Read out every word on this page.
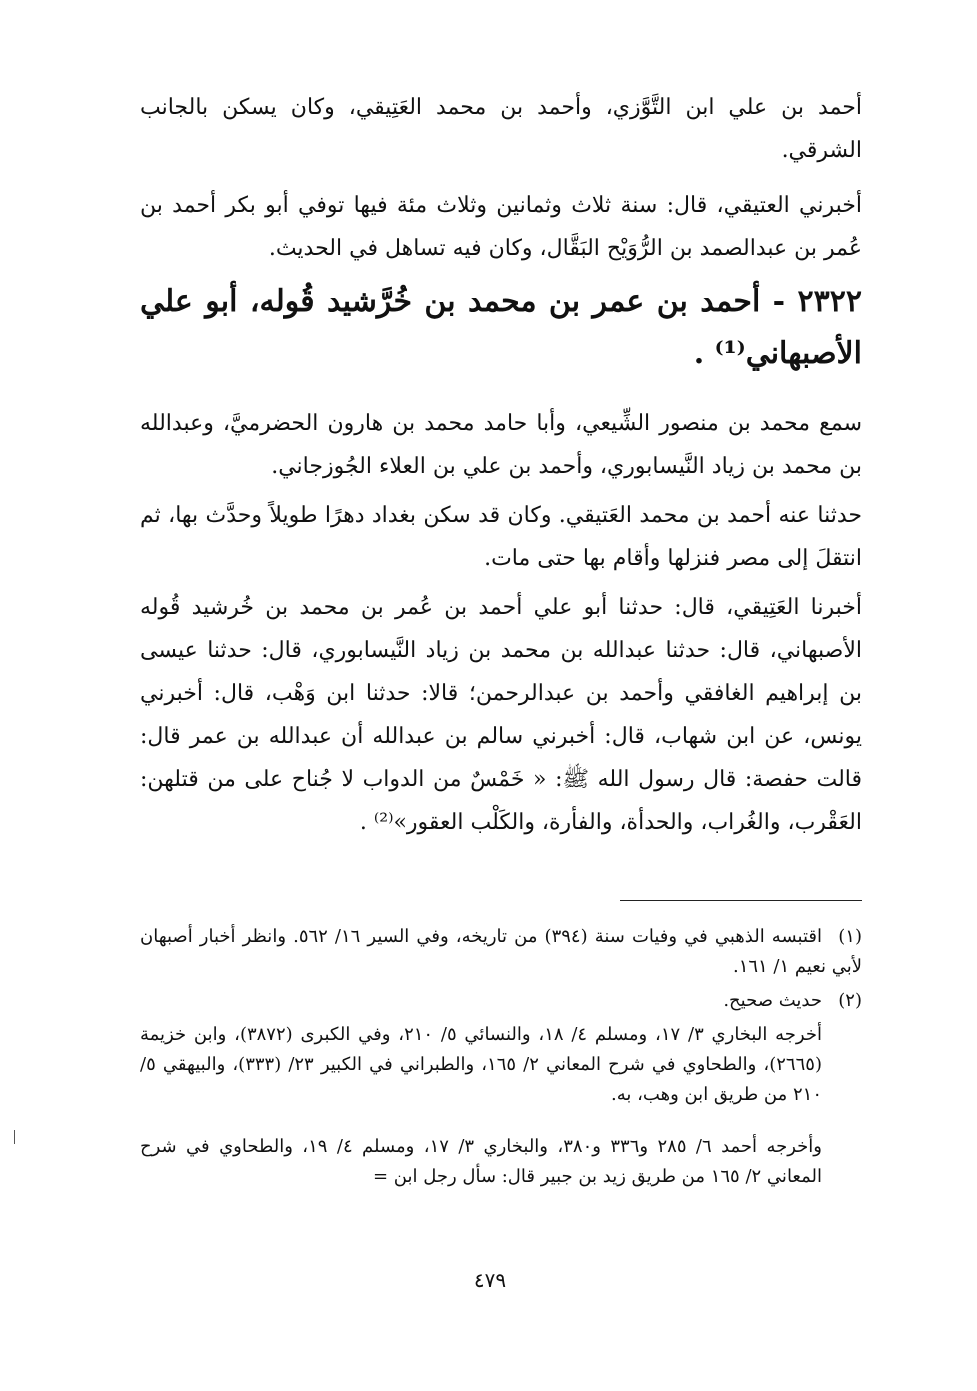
أحمد بن علي ابن التَّوَّزي، وأحمد بن محمد العَتِيقي، وكان يسكن بالجانب الشرقي.

أخبرني العتيقي، قال: سنة ثلاث وثمانين وثلاث مئة فيها توفي أبو بكر أحمد بن عُمر بن عبدالصمد بن الرُّوَيْح البَقَّال، وكان فيه تساهل في الحديث.

٢٣٢٢ - أحمد بن عمر بن محمد بن خُرَّشيد قُوله، أبو علي الأصبهاني⁽¹⁾ .

سمع محمد بن منصور الشِّيعي، وأبا حامد محمد بن هارون الحضرميَّ، وعبدالله بن محمد بن زياد النَّيسابوري، وأحمد بن علي بن العلاء الجُوزجاني.

حدثنا عنه أحمد بن محمد العَتيقي. وكان قد سكن بغداد دهرًا طويلاً وحدَّث بها، ثم انتقلَ إلى مصر فنزلها وأقام بها حتى مات.

أخبرنا العَتِيقي، قال: حدثنا أبو علي أحمد بن عُمر بن محمد بن خُرشيد قُوله الأصبهاني، قال: حدثنا عبدالله بن محمد بن زياد النَّيسابوري، قال: حدثنا عيسى بن إبراهيم الغافقي وأحمد بن عبدالرحمن؛ قالا: حدثنا ابن وَهْب، قال: أخبرني يونس، عن ابن شهاب، قال: أخبرني سالم بن عبدالله أن عبدالله بن عمر قال: قالت حفصة: قال رسول الله ﷺ: « خَمْسٌ من الدواب لا جُناح على من قتلهن: العَقْرب، والغُراب، والحدأة، والفأرة، والكَلْب العقور»⁽²⁾ .

(١)اقتبسه الذهبي في وفيات سنة (٣٩٤) من تاريخه، وفي السير ١٦/ ٥٦٢. وانظر أخبار أصبهان لأبي نعيم ١/ ١٦١.
(٢)حديث صحيح.

أخرجه البخاري ٣/ ١٧، ومسلم ٤/ ١٨، والنسائي ٥/ ٢١٠، وفي الكبرى (٣٨٧٢)، وابن خزيمة (٢٦٦٥)، والطحاوي في شرح المعاني ٢/ ١٦٥، والطبراني في الكبير ٢٣/ (٣٣٣)، والبيهقي ٥/ ٢١٠ من طريق ابن وهب، به.

وأخرجه أحمد ٦/ ٢٨٥ و٣٣٦ و٣٨٠، والبخاري ٣/ ١٧، ومسلم ٤/ ١٩، والطحاوي في شرح المعاني ٢/ ١٦٥ من طريق زيد بن جبير قال: سأل رجل ابن =

٤٧٩
